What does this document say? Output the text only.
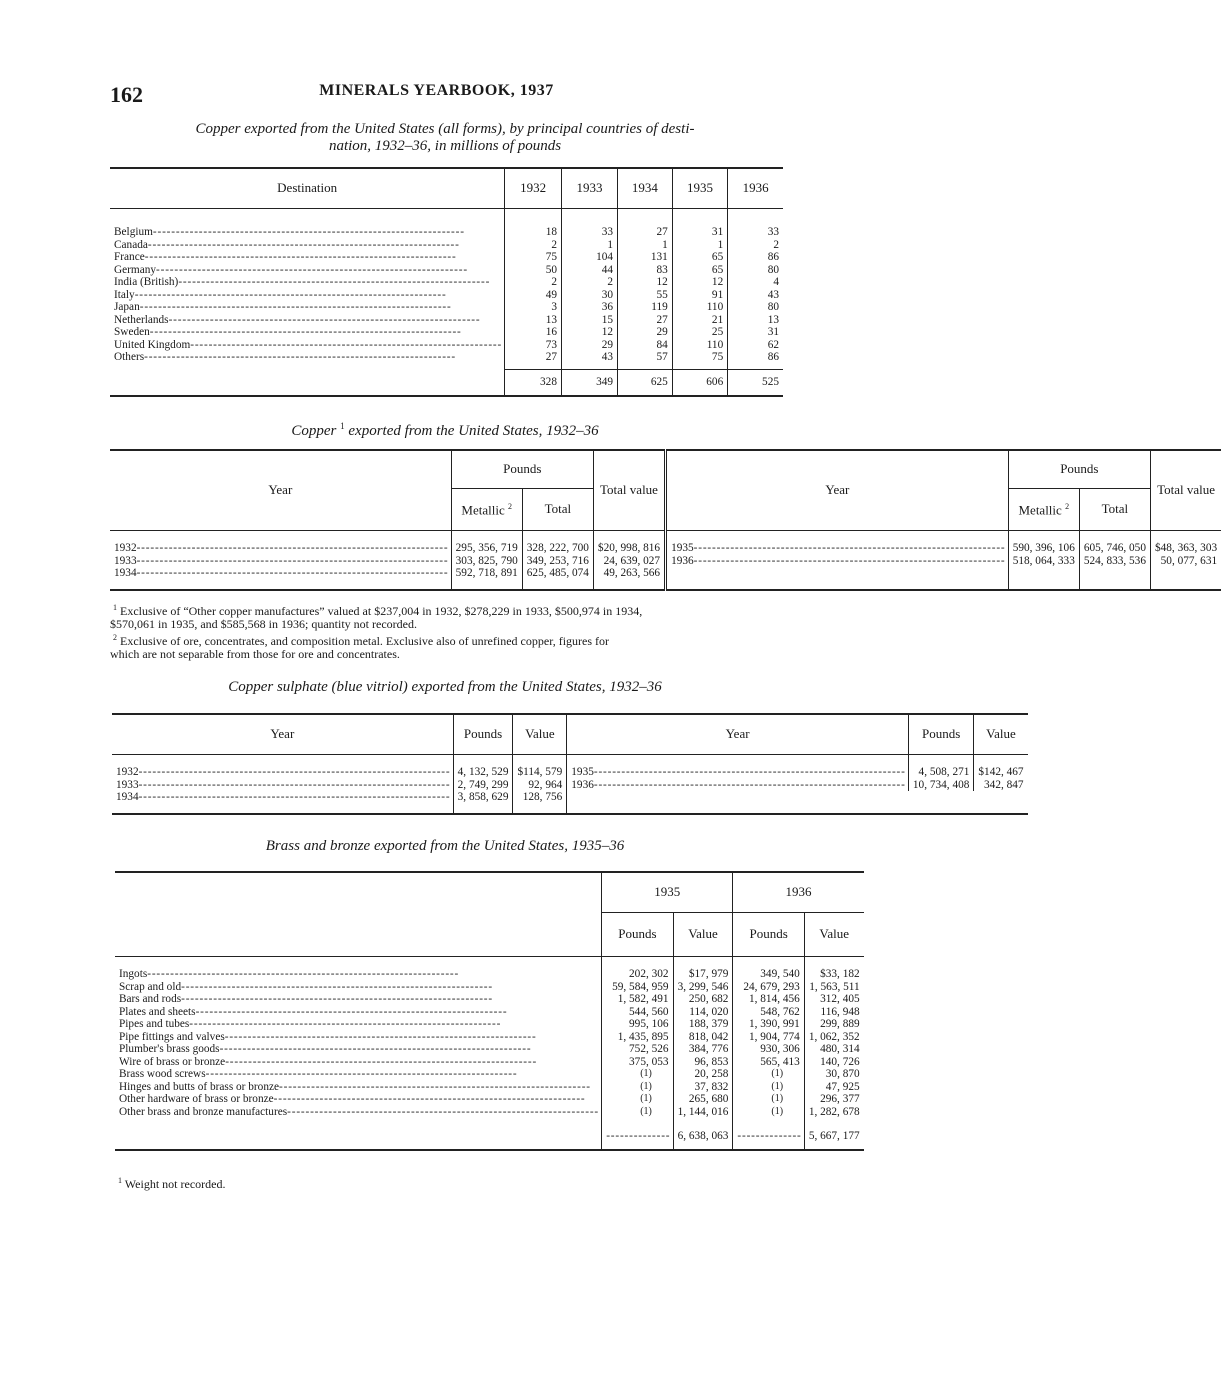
162	MINERALS YEARBOOK, 1937
Copper exported from the United States (all forms), by principal countries of desti-
nation, 1932–36, in millions of pounds
Destination	1932	1933	1934	1935	1936

Belgium - - -	18	33	27	31	33

Canada - - -	2	1	1	1	2

France - - -	75	104	131	65	86

Germany - - -	50	44	83	65	80

India (British) - - -	2	2	12	12	4

Italy - - -	49	30	55	91	43

Japan - - -	3	36	119	110	80

Netherlands - - -	13	15	27	21	13

Sweden - - -	16	12	29	25	31

United Kingdom - - -	73	29	84	110	62

Others - - -	27	43	57	75	86

	328	349	625	606	525
Copper $^1$ exported from the United States, 1932–36
Year	Pounds		Total value	Year	Pounds		Total value
	Metallic $^2$	Total			Metallic $^2$	Total	

1932 - - -	295, 356, 719	328, 222, 700	$20, 998, 816	1935 - - -	590, 396, 106	605, 746, 050	$48, 363, 303

1933 - - -	303, 825, 790	349, 253, 716	24, 639, 027	1936 - - -	518, 064, 333	524, 833, 536	50, 077, 631

1934 - - -	592, 718, 891	625, 485, 074	49, 263, 566				

$^1$ Exclusive of “Other copper manufactures” valued at $237,004 in 1932, $278,229 in 1933, $500,974 in 1934,
$570,061 in 1935, and $585,568 in 1936; quantity not recorded.
$^2$ Exclusive of ore, concentrates, and composition metal. Exclusive also of unrefined copper, figures for
which are not separable from those for ore and concentrates.
Copper sulphate (blue vitriol) exported from the United States, 1932–36
Year	Pounds	Value	Year	Pounds	Value

1932 - - -	4, 132, 529	$114, 579	1935 - - -	4, 508, 271	$142, 467

1933 - - -	2, 749, 299	92, 964	1936 - - -	10, 734, 408	342, 847

1934 - - -	3, 858, 629	128, 756			

Brass and bronze exported from the United States, 1935–36
	1935		1936	
	Pounds	Value	Pounds	Value

Ingots - - -	202, 302	$17, 979	349, 540	$33, 182

Scrap and old - - -	59, 584, 959	3, 299, 546	24, 679, 293	1, 563, 511

Bars and rods - - -	1, 582, 491	250, 682	1, 814, 456	312, 405

Plates and sheets - - -	544, 560	114, 020	548, 762	116, 948

Pipes and tubes - - -	995, 106	188, 379	1, 390, 991	299, 889

Pipe fittings and valves - - -	1, 435, 895	818, 042	1, 904, 774	1, 062, 352

Plumber's brass goods - - -	752, 526	384, 776	930, 306	480, 314

Wire of brass or bronze - - -	375, 053	96, 853	565, 413	140, 726

Brass wood screws - - -	(1)	20, 258	(1)	30, 870

Hinges and butts of brass or bronze - - -	(1)	37, 832	(1)	47, 925

Other hardware of brass or bronze - - -	(1)	265, 680	(1)	296, 377

Other brass and bronze manufactures - - -	(1)	1, 144, 016	(1)	1, 282, 678

	- - - - - - - - - - - - - -	6, 638, 063	- - - - - - - - - - - - - -	5, 667, 177
$^1$ Weight not recorded.
